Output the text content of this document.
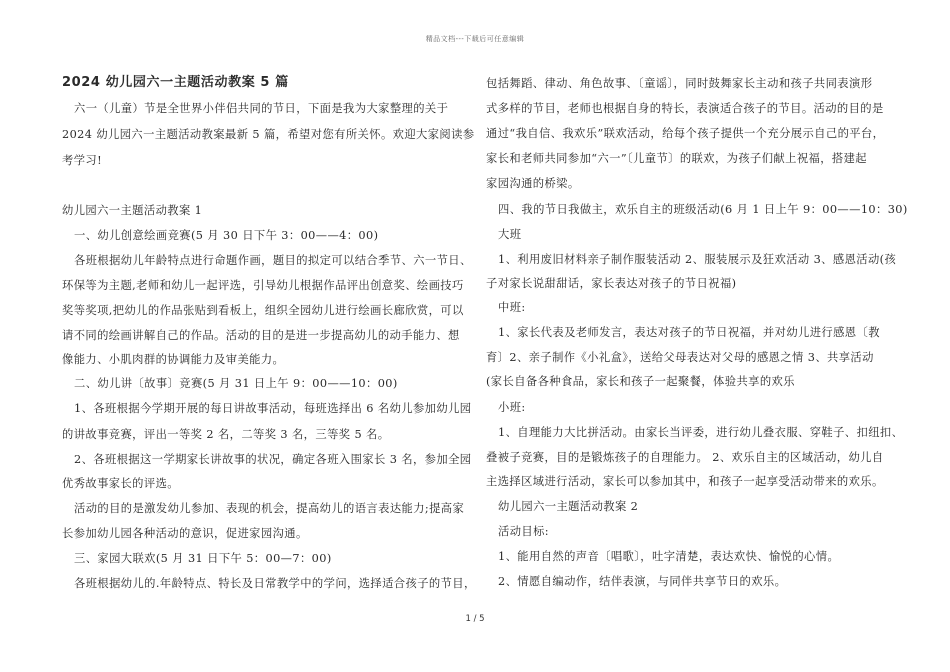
精品文档---下载后可任意编辑
2024 幼儿园六一主题活动教案 5 篇
六一（儿童）节是全世界小伴侣共同的节日，下面是我为大家整理的关于
2024 幼儿园六一主题活动教案最新 5 篇，希望对您有所关怀。欢迎大家阅读参
考学习!
幼儿园六一主题活动教案 1
一、幼儿创意绘画竞赛(5 月 30 日下午 3：00——4：00)
各班根据幼儿年龄特点进行命题作画，题目的拟定可以结合季节、六一节日、
环保等为主题,老师和幼儿一起评选，引导幼儿根据作品评出创意奖、绘画技巧
奖等奖项,把幼儿的作品张贴到看板上，组织全园幼儿进行绘画长廊欣赏，可以
请不同的绘画讲解自己的作品。活动的目的是进一步提高幼儿的动手能力、想
像能力、小肌肉群的协调能力及审美能力。
二、幼儿讲〔故事〕竞赛(5 月 31 日上午 9：00——10：00)
1、各班根据今学期开展的每日讲故事活动，每班选择出 6 名幼儿参加幼儿园
的讲故事竞赛，评出一等奖 2 名，二等奖 3 名，三等奖 5 名。
2、各班根据这一学期家长讲故事的状况，确定各班入围家长 3 名，参加全园
优秀故事家长的评选。
活动的目的是激发幼儿参加、表现的机会，提高幼儿的语言表达能力;提高家
长参加幼儿园各种活动的意识，促进家园沟通。
三、家园大联欢(5 月 31 日下午 5：00—7：00)
各班根据幼儿的.年龄特点、特长及日常教学中的学问，选择适合孩子的节目，
包括舞蹈、律动、角色故事、〔童谣〕，同时鼓舞家长主动和孩子共同表演形
式多样的节目，老师也根据自身的特长，表演适合孩子的节目。活动的目的是
通过“我自信、我欢乐”联欢活动，给每个孩子提供一个充分展示自己的平台，
家长和老师共同参加“六一”〔儿童节〕的联欢，为孩子们献上祝福，搭建起
家园沟通的桥梁。
四、我的节日我做主，欢乐自主的班级活动(6 月 1 日上午 9：00——10：30)
大班
1、利用废旧材料亲子制作服装活动 2、服装展示及狂欢活动 3、感恩活动(孩
子对家长说甜甜话，家长表达对孩子的节日祝福)
中班:
1、家长代表及老师发言，表达对孩子的节日祝福，并对幼儿进行感恩〔教
育〕2、亲子制作《小礼盒》，送给父母表达对父母的感恩之情 3、共享活动
(家长自备各种食品，家长和孩子一起聚餐，体验共享的欢乐
小班:
1、自理能力大比拼活动。由家长当评委，进行幼儿叠衣服、穿鞋子、扣纽扣、
叠被子竞赛，目的是锻炼孩子的自理能力。 2、欢乐自主的区域活动，幼儿自
主选择区域进行活动，家长可以参加其中，和孩子一起享受活动带来的欢乐。
幼儿园六一主题活动教案 2
活动目标:
1、能用自然的声音〔唱歌〕，吐字清楚，表达欢快、愉悦的心情。
2、情愿自编动作，结伴表演，与同伴共享节日的欢乐。
1 / 5
